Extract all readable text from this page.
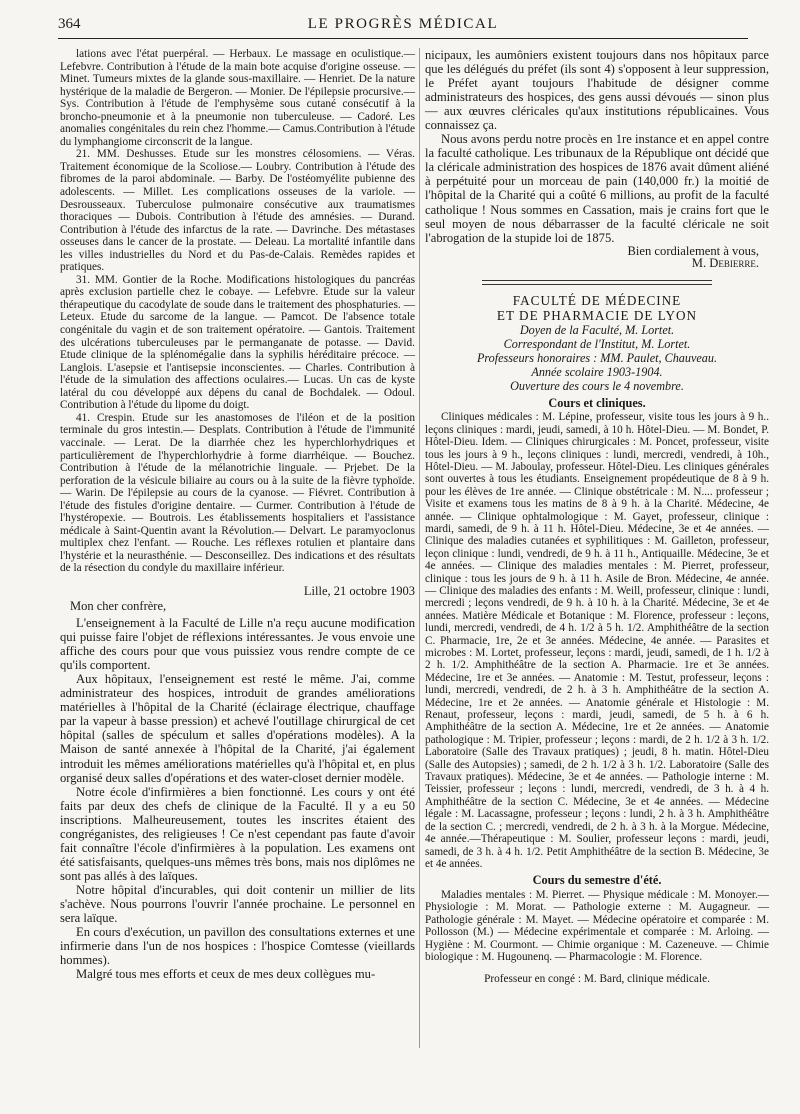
364	LE PROGRÈS MÉDICAL

lations avec l'état puerpéral. — Herbaux. Le massage en oculistique.— Lefebvre. Contribution à l'étude de la main bote acquise d'origine osseuse. — Minet. Tumeurs mixtes de la glande sous-maxillaire. — Henriet. De la nature hystérique de la maladie de Bergeron. — Monier. De l'épilepsie procursive.— Sys. Contribution à l'étude de l'emphysème sous cutané consécutif à la broncho-pneumonie et à la pneumonie non tuberculeuse. — Cadoré. Les anomalies congénitales du rein chez l'homme.— Camus.Contribution à l'étude du lymphangiome circonscrit de la langue.

21. MM. Deshusses. Etude sur les monstres célosomiens. — Véras. Traitement économique de la Scoliose.— Loubry. Contribution à l'étude des fibromes de la paroi abdominale. — Barby. De l'ostéomyélite pubienne des adolescents. — Millet. Les complications osseuses de la variole. — Desrousseaux. Tuberculose pulmonaire consécutive aux traumatismes thoraciques — Dubois. Contribution à l'étude des amnésies. — Durand. Contribution à l'étude des infarctus de la rate. — Davrinche. Des métastases osseuses dans le cancer de la prostate. — Deleau. La mortalité infantile dans les villes industrielles du Nord et du Pas-de-Calais. Remèdes rapides et pratiques.

31. MM. Gontier de la Roche. Modifications histologiques du pancréas après exclusion partielle chez le cobaye. — Lefebvre. Etude sur la valeur thérapeutique du cacodylate de soude dans le traitement des phosphaturies. — Leteux. Etude du sarcome de la langue. — Pamcot. De l'absence totale congénitale du vagin et de son traitement opératoire. — Gantois. Traitement des ulcérations tuberculeuses par le permanganate de potasse. — David. Etude clinique de la splénomégalie dans la syphilis héréditaire précoce. — Langlois. L'asepsie et l'antisepsie inconscientes. — Charles. Contribution à l'étude de la simulation des affections oculaires.— Lucas. Un cas de kyste latéral du cou développé aux dépens du canal de Bochdalek. — Odoul. Contribution à l'étude du lipome du doigt.

41. Crespin. Etude sur les anastomoses de l'iléon et de la position terminale du gros intestin.— Desplats. Contribution à l'étude de l'immunité vaccinale. — Lerat. De la diarrhée chez les hyperchlorhydriques et particulièrement de l'hyperchlorhydrie à forme diarrhéique. — Bouchez. Contribution à l'étude de la mélanotrichie linguale. — Prjebet. De la perforation de la vésicule biliaire au cours ou à la suite de la fièvre typhoïde. — Warin. De l'épilepsie au cours de la cyanose. — Fiévret. Contribution à l'étude des fistules d'origine dentaire. — Curmer. Contribution à l'étude de l'hystéropexie. — Boutrois. Les établissements hospitaliers et l'assistance médicale à Saint-Quentin avant la Révolution.— Delvart. Le paramyoclonus multiplex chez l'enfant. — Rouche. Les réflexes rotulien et plantaire dans l'hystérie et la neurasthénie. — Desconseillez. Des indications et des résultats de la résection du condyle du maxillaire inférieur.

Lille, 21 octobre 1903

Mon cher confrère,

L'enseignement à la Faculté de Lille n'a reçu aucune modification qui puisse faire l'objet de réflexions intéressantes. Je vous envoie une affiche des cours pour que vous puissiez vous rendre compte de ce qu'ils comportent.

Aux hôpitaux, l'enseignement est resté le même. J'ai, comme administrateur des hospices, introduit de grandes améliorations matérielles à l'hôpital de la Charité (éclairage électrique, chauffage par la vapeur à basse pression) et achevé l'outillage chirurgical de cet hôpital (salles de spéculum et salles d'opérations modèles). A la Maison de santé annexée à l'hôpital de la Charité, j'ai également introduit les mêmes améliorations matérielles qu'à l'hôpital et, en plus organisé deux salles d'opérations et des water-closet dernier modèle.

Notre école d'infirmières a bien fonctionné. Les cours y ont été faits par deux des chefs de clinique de la Faculté. Il y a eu 50 inscriptions. Malheureusement, toutes les inscrites étaient des congréganistes, des religieuses ! Ce n'est cependant pas faute d'avoir fait connaître l'école d'infirmières à la population. Les examens ont été satisfaisants, quelques-uns mêmes très bons, mais nos diplômes ne sont pas allés à des laïques.

Notre hôpital d'incurables, qui doit contenir un millier de lits s'achève. Nous pourrons l'ouvrir l'année prochaine. Le personnel en sera laïque.

En cours d'exécution, un pavillon des consultations externes et une infirmerie dans l'un de nos hospices : l'hospice Comtesse (vieillards hommes).

Malgré tous mes efforts et ceux de mes deux collègues mu-

nicipaux, les aumôniers existent toujours dans nos hôpitaux parce que les délégués du préfet (ils sont 4) s'opposent à leur suppression, le Préfet ayant toujours l'habitude de désigner comme administrateurs des hospices, des gens aussi dévoués — sinon plus — aux œuvres cléricales qu'aux institutions républicaines. Vous connaissez ça.

Nous avons perdu notre procès en 1re instance et en appel contre la faculté catholique. Les tribunaux de la République ont décidé que la cléricale administration des hospices de 1876 avait dûment aliéné à perpétuité pour un morceau de pain (140,000 fr.) la moitié de l'hôpital de la Charité qui a coûté 6 millions, au profit de la faculté catholique ! Nous sommes en Cassation, mais je crains fort que le seul moyen de nous débarrasser de la faculté cléricale ne soit l'abrogation de la stupide loi de 1875.

Bien cordialement à vous,

M. Debierre.

FACULTÉ DE MÉDECINE

ET DE PHARMACIE DE LYON

Doyen de la Faculté, M. Lortet.

Correspondant de l'Institut, M. Lortet.

Professeurs honoraires : MM. Paulet, Chauveau.

Année scolaire 1903-1904.

Ouverture des cours le 4 novembre.

Cours et cliniques.

Cliniques médicales : M. Lépine, professeur, visite tous les jours à 9 h.. leçons cliniques : mardi, jeudi, samedi, à 10 h. Hôtel-Dieu. — M. Bondet, P. Hôtel-Dieu. Idem. — Cliniques chirurgicales : M. Poncet, professeur, visite tous les jours à 9 h., leçons cliniques : lundi, mercredi, vendredi, à 10h., Hôtel-Dieu. — M. Jaboulay, professeur. Hôtel-Dieu. Les cliniques générales sont ouvertes à tous les étudiants. Enseignement propédeutique de 8 à 9 h. pour les élèves de 1re année. — Clinique obstétricale : M. N.... professeur ; Visite et examens tous les matins de 8 à 9 h. à la Charité. Médecine, 4e année. — Clinique ophtalmologique : M. Gayet, professeur, clinique : mardi, samedi, de 9 h. à 11 h. Hôtel-Dieu. Médecine, 3e et 4e années. — Clinique des maladies cutanées et syphilitiques : M. Gailleton, professeur, leçon clinique : lundi, vendredi, de 9 h. à 11 h., Antiquaille. Médecine, 3e et 4e années. — Clinique des maladies mentales : M. Pierret, professeur, clinique : tous les jours de 9 h. à 11 h. Asile de Bron. Médecine, 4e année. — Clinique des maladies des enfants : M. Weill, professeur, clinique : lundi, mercredi ; leçons vendredi, de 9 h. à 10 h. à la Charité. Médecine, 3e et 4e années. Matière Médicale et Botanique : M. Florence, professeur : leçons, lundi, mercredi, vendredi, de 4 h. 1/2 à 5 h. 1/2. Amphithéâtre de la section C. Pharmacie, 1re, 2e et 3e années. Médecine, 4e année. — Parasites et microbes : M. Lortet, professeur, leçons : mardi, jeudi, samedi, de 1 h. 1/2 à 2 h. 1/2. Amphithéâtre de la section A. Pharmacie. 1re et 3e années. Médecine, 1re et 3e années. — Anatomie : M. Testut, professeur, leçons : lundi, mercredi, vendredi, de 2 h. à 3 h. Amphithéâtre de la section A. Médecine, 1re et 2e années. — Anatomie générale et Histologie : M. Renaut, professeur, leçons : mardi, jeudi, samedi, de 5 h. à 6 h. Amphithéâtre de la section A. Médecine, 1re et 2e années. — Anatomie pathologique : M. Tripier, professeur ; leçons : mardi, de 2 h. 1/2 à 3 h. 1/2. Laboratoire (Salle des Travaux pratiques) ; jeudi, 8 h. matin. Hôtel-Dieu (Salle des Autopsies) ; samedi, de 2 h. 1/2 à 3 h. 1/2. Laboratoire (Salle des Travaux pratiques). Médecine, 3e et 4e années. — Pathologie interne : M. Teissier, professeur ; leçons : lundi, mercredi, vendredi, de 3 h. à 4 h. Amphithéâtre de la section C. Médecine, 3e et 4e années. — Médecine légale : M. Lacassagne, professeur ; leçons : lundi, 2 h. à 3 h. Amphithéâtre de la section C. ; mercredi, vendredi, de 2 h. à 3 h. à la Morgue. Médecine, 4e année.—Thérapeutique : M. Soulier, professeur leçons : mardi, jeudi, samedi, de 3 h. à 4 h. 1/2. Petit Amphithéâtre de la section B. Médecine, 3e et 4e années.

Cours du semestre d'été.

Maladies mentales : M. Pierret. — Physique médicale : M. Monoyer.— Physiologie : M. Morat. — Pathologie externe : M. Augagneur. — Pathologie générale : M. Mayet. — Médecine opératoire et comparée : M. Pollosson (M.) — Médecine expérimentale et comparée : M. Arloing. — Hygiène : M. Courmont. — Chimie organique : M. Cazeneuve. — Chimie biologique : M. Hugounenq. — Pharmacologie : M. Florence.

Professeur en congé : M. Bard, clinique médicale.
